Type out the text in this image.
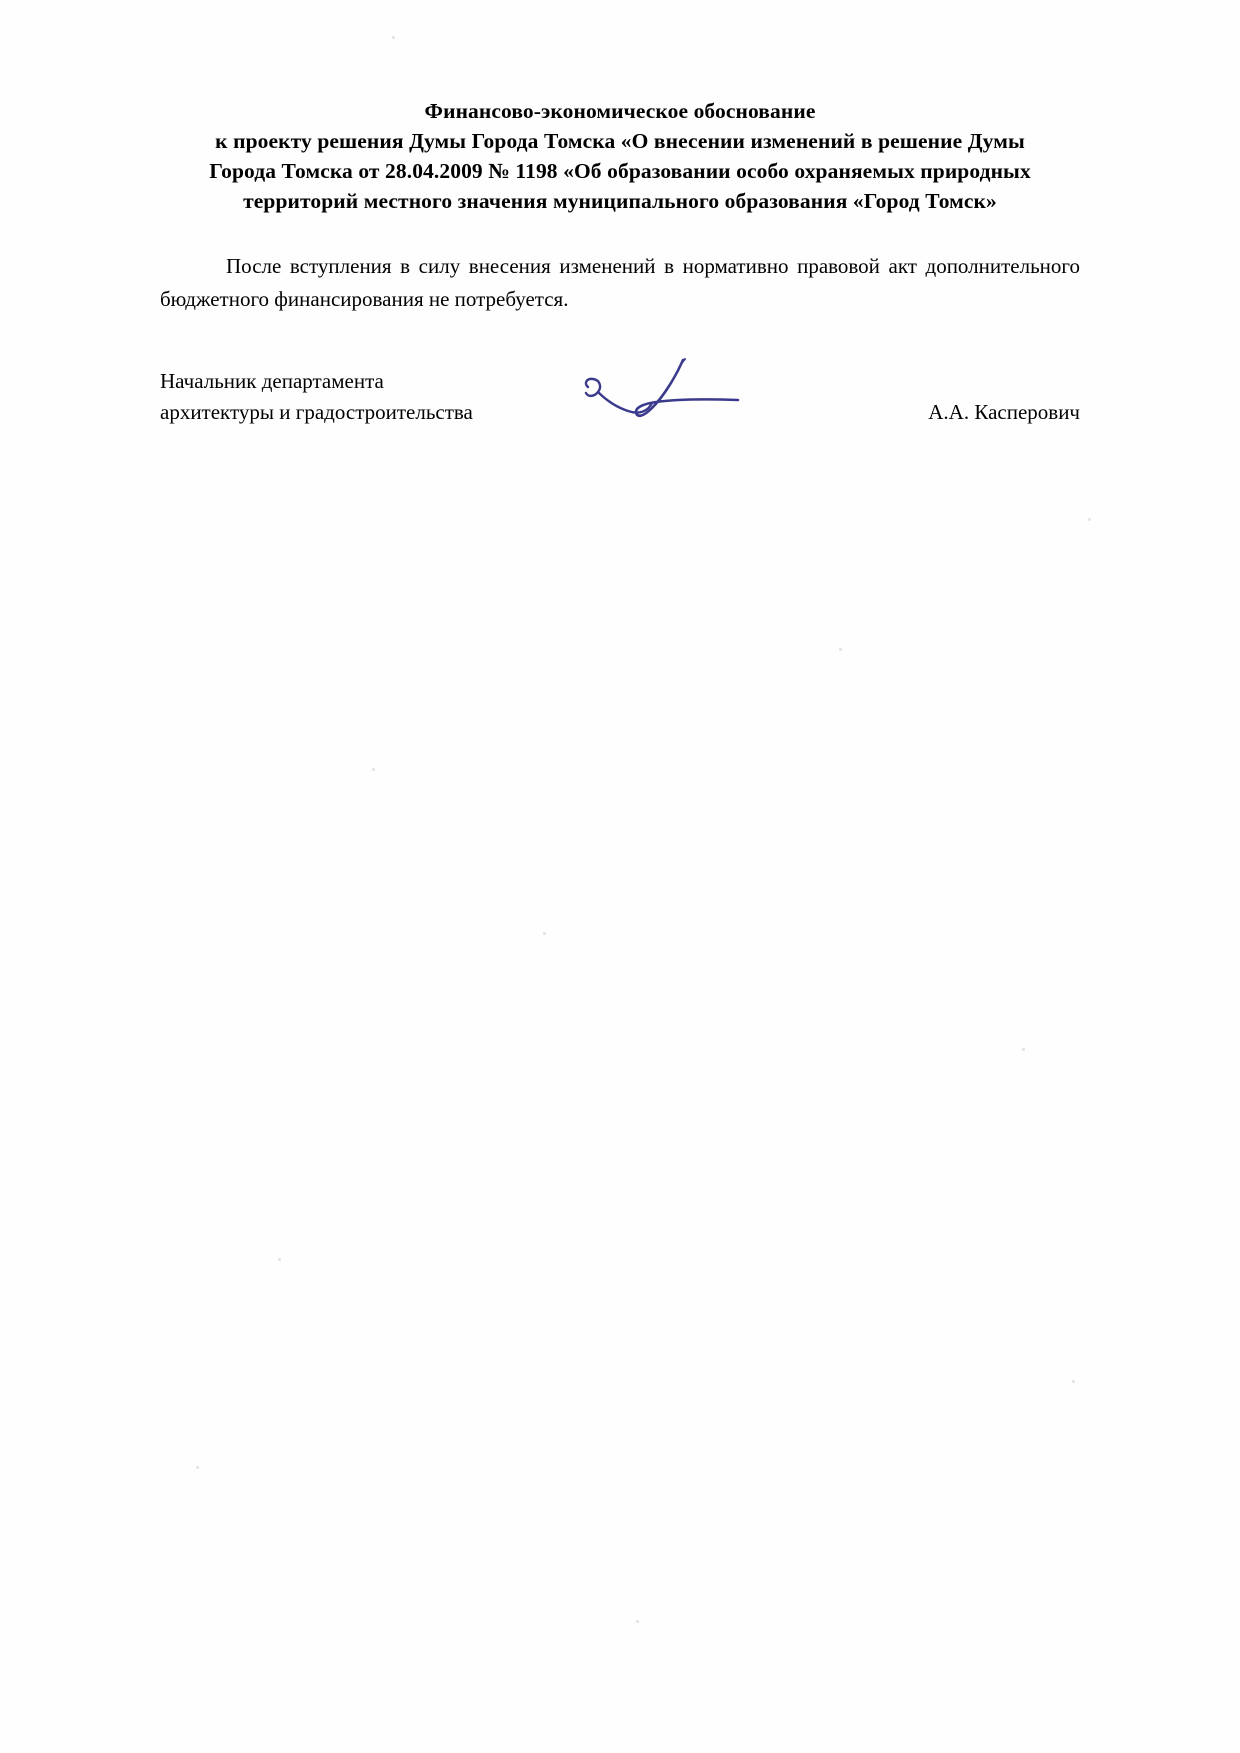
Финансово-экономическое обоснование
к проекту решения Думы Города Томска «О внесении изменений в решение Думы
Города Томска от 28.04.2009 № 1198 «Об образовании особо охраняемых природных
территорий местного значения муниципального образования «Город Томск»

После вступления в силу внесения изменений в нормативно правовой акт дополнительного бюджетного финансирования не потребуется.

Начальник департамента
архитектуры и градостроительства	А.А. Касперович
